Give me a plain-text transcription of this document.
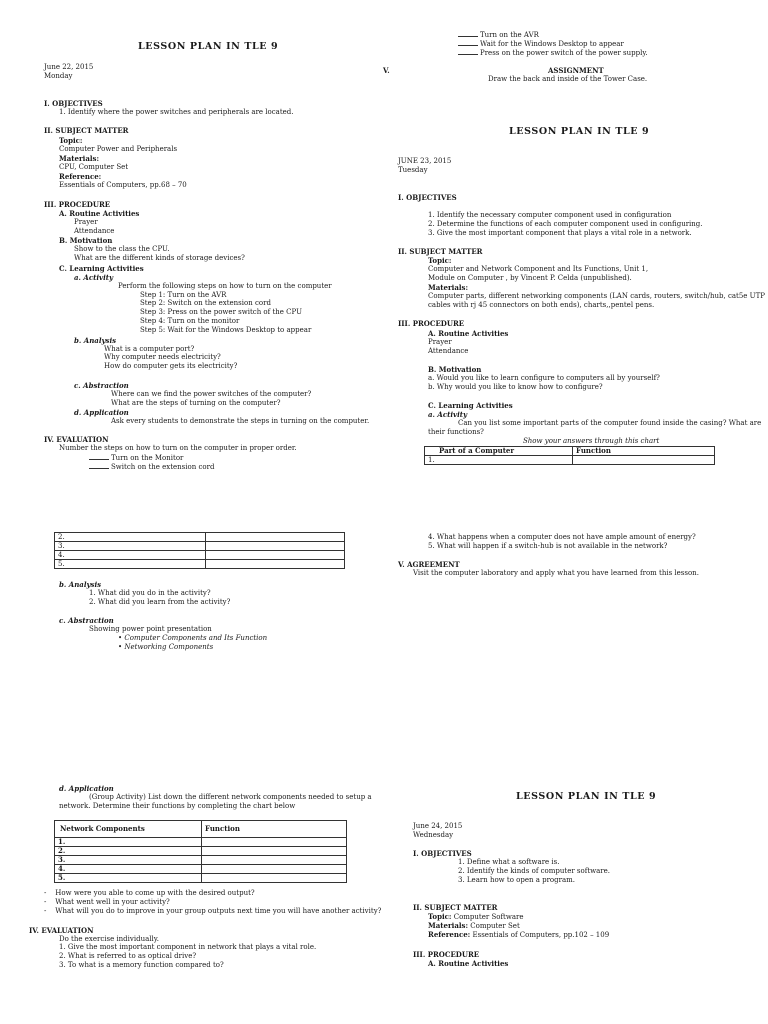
LESSON PLAN IN TLE 9
June 22, 2015
Monday
I. OBJECTIVES
1. Identify where the power switches and peripherals are located.
II. SUBJECT MATTER
Topic:
Computer Power and Peripherals
Materials:
CPU, Computer Set
Reference:
Essentials of Computers, pp.68 – 70
III. PROCEDURE
A. Routine Activities
Prayer
Attendance
B. Motivation
Show to the class the CPU.
What are the different kinds of storage devices?
C. Learning Activities
a. Activity
Perform the following steps on how to turn on the computer
Step 1: Turn on the AVR
Step 2: Switch on the extension cord
Step 3: Press on the power switch of the CPU
Step 4: Turn on the monitor
Step 5: Wait for the Windows Desktop to appear
b. Analysis
What is a computer port?
Why computer needs electricity?
How do computer gets its electricity?
c. Abstraction
Where can we find the power switches of the computer?
What are the steps of turning on the computer?
d. Application
Ask every students to demonstrate the steps in turning on the computer.
IV. EVALUATION
Number the steps on how to turn on the computer in proper order.
Turn on the Monitor
Switch on the extension cord
Turn on the AVR
Wait for the Windows Desktop to appear
Press on the power switch of the power supply.
V.	ASSIGNMENT
Draw the back and inside of the Tower Case.
LESSON PLAN IN TLE 9
JUNE 23, 2015
Tuesday
I. OBJECTIVES
1. Identify the necessary computer component used in configuration
2. Determine the functions of each computer component used in configuring.
3. Give the most important component that plays a vital role in a network.
II. SUBJECT MATTER
Topic:
Computer and Network Component and Its Functions, Unit 1,
Module on Computer , by Vincent P. Celda (unpublished).
Materials:
Computer parts, different networking components (LAN cards, routers, switch/hub, cat5e UTP
cables with rj 45 connectors on both ends), charts,,pentel pens.
III. PROCEDURE
A. Routine Activities
Prayer
Attendance
B. Motivation
a. Would you like to learn configure to computers all by yourself?
b. Why would you like to know how to configure?
C. Learning Activities
a. Activity
Can you list some important parts of the computer found inside the casing? What are
their functions?
Show your answers through this chart
Part of a Computer	Function
1.	
2.	
3.	
4.	
5.	
b. Analysis
1. What did you do in the activity?
2. What did you learn from the activity?
c. Abstraction
Showing power point presentation
• Computer Components and Its Function
• Networking Components
4. What happens when a computer does not have ample amount of energy?
5. What will happen if a switch-hub is not available in the network?
V. AGREEMENT
Visit the computer laboratory and apply what you have learned from this lesson.
d. Application
(Group Activity) List down the different network components needed to setup a
network. Determine their functions by completing the chart below
Network Components	Function
1.	
2.	
3.	
4.	
5.	
- How were you able to come up with the desired output?
- What went well in your activity?
- What will you do to improve in your group outputs next time you will have another activity?
IV. EVALUATION
Do the exercise individually.
1. Give the most important component in network that plays a vital role.
2. What is referred to as optical drive?
3. To what is a memory function compared to?
LESSON PLAN IN TLE 9
June 24, 2015
Wednesday
I. OBJECTIVES
1. Define what a software is.
2. Identify the kinds of computer software.
3. Learn how to open a program.
II. SUBJECT MATTER
Topic: Computer Software
Materials: Computer Set
Reference: Essentials of Computers, pp.102 – 109
III. PROCEDURE
A. Routine Activities
